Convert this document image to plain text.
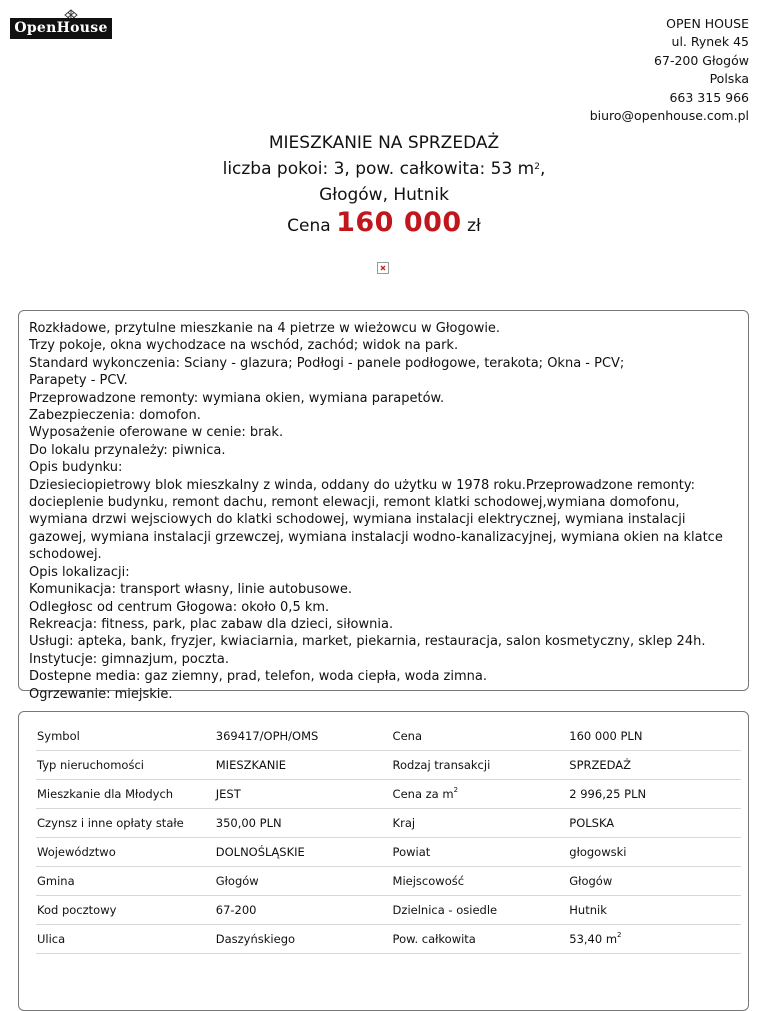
OpenHouse	OPEN HOUSE
ul. Rynek 45
67-200 Głogów
Polska
663 315 966
biuro@openhouse.com.pl
MIESZKANIE NA SPRZEDAŻ
liczba pokoi: 3, pow. całkowita: 53 $m^2$,
Głogów, Hutnik
Cena 160 000 zł
Rozkładowe, przytulne mieszkanie na 4 pietrze w wieżowcu w Głogowie.
Trzy pokoje, okna wychodzace na wschód, zachód; widok na park.
Standard wykonczenia: Sciany - glazura; Podłogi - panele podłogowe, terakota; Okna - PCV;
Parapety - PCV.
Przeprowadzone remonty: wymiana okien, wymiana parapetów.
Zabezpieczenia: domofon.
Wyposażenie oferowane w cenie: brak.
Do lokalu przynależy: piwnica.
Opis budynku:
Dziesieciopietrowy blok mieszkalny z winda, oddany do użytku w 1978 roku.Przeprowadzone remonty: docieplenie budynku, remont dachu, remont elewacji, remont klatki schodowej,wymiana domofonu, wymiana drzwi wejsciowych do klatki schodowej, wymiana instalacji elektrycznej, wymiana instalacji gazowej, wymiana instalacji grzewczej, wymiana instalacji wodno-kanalizacyjnej, wymiana okien na klatce schodowej.
Opis lokalizacji:
Komunikacja: transport własny, linie autobusowe.
Odległosc od centrum Głogowa: około 0,5 km.
Rekreacja: fitness, park, plac zabaw dla dzieci, siłownia.
Usługi: apteka, bank, fryzjer, kwiaciarnia, market, piekarnia, restauracja, salon kosmetyczny, sklep 24h.
Instytucje: gimnazjum, poczta.
Dostepne media: gaz ziemny, prad, telefon, woda ciepła, woda zimna.
Ogrzewanie: miejskie.
Symbol	369417/OPH/OMS	Cena	160 000 PLN
Typ nieruchomości	MIESZKANIE	Rodzaj transakcji	SPRZEDAŻ
Mieszkanie dla Młodych	JEST	Cena za $m^2$	2 996,25 PLN
Czynsz i inne opłaty stałe	350,00 PLN	Kraj	POLSKA
Województwo	DOLNOŚLĄSKIE	Powiat	głogowski
Gmina	Głogów	Miejscowość	Głogów
Kod pocztowy	67-200	Dzielnica - osiedle	Hutnik
Ulica	Daszyńskiego	Pow. całkowita	53,40 $m^2$
